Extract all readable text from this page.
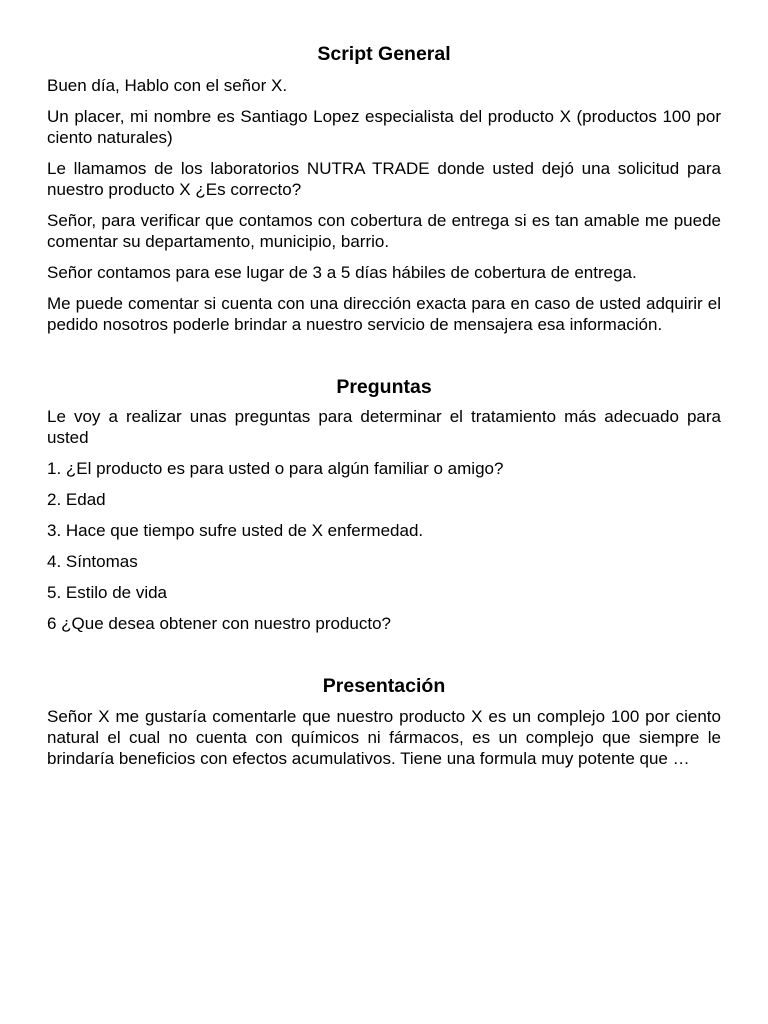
Script General

Buen día, Hablo con el señor X.

Un placer, mi nombre es Santiago Lopez especialista del producto X (productos 100 por ciento naturales)

Le llamamos de los laboratorios NUTRA TRADE donde usted dejó una solicitud para nuestro producto X ¿Es correcto?

Señor, para verificar que contamos con cobertura de entrega si es tan amable me puede comentar su departamento, municipio, barrio.

Señor contamos para ese lugar de 3 a 5 días hábiles de cobertura de entrega.

Me puede comentar si cuenta con una dirección exacta para en caso de usted adquirir el pedido nosotros poderle brindar a nuestro servicio de mensajera esa información.

Preguntas

Le voy a realizar unas preguntas para determinar el tratamiento más adecuado para usted

1. ¿El producto es para usted o para algún familiar o amigo?

2. Edad

3. Hace que tiempo sufre usted de X enfermedad.

4. Síntomas

5. Estilo de vida

6 ¿Que desea obtener con nuestro producto?

Presentación

Señor X me gustaría comentarle que nuestro producto X es un complejo 100 por ciento natural el cual no cuenta con químicos ni fármacos, es un complejo que siempre le brindaría beneficios con efectos acumulativos. Tiene una formula muy potente que …
